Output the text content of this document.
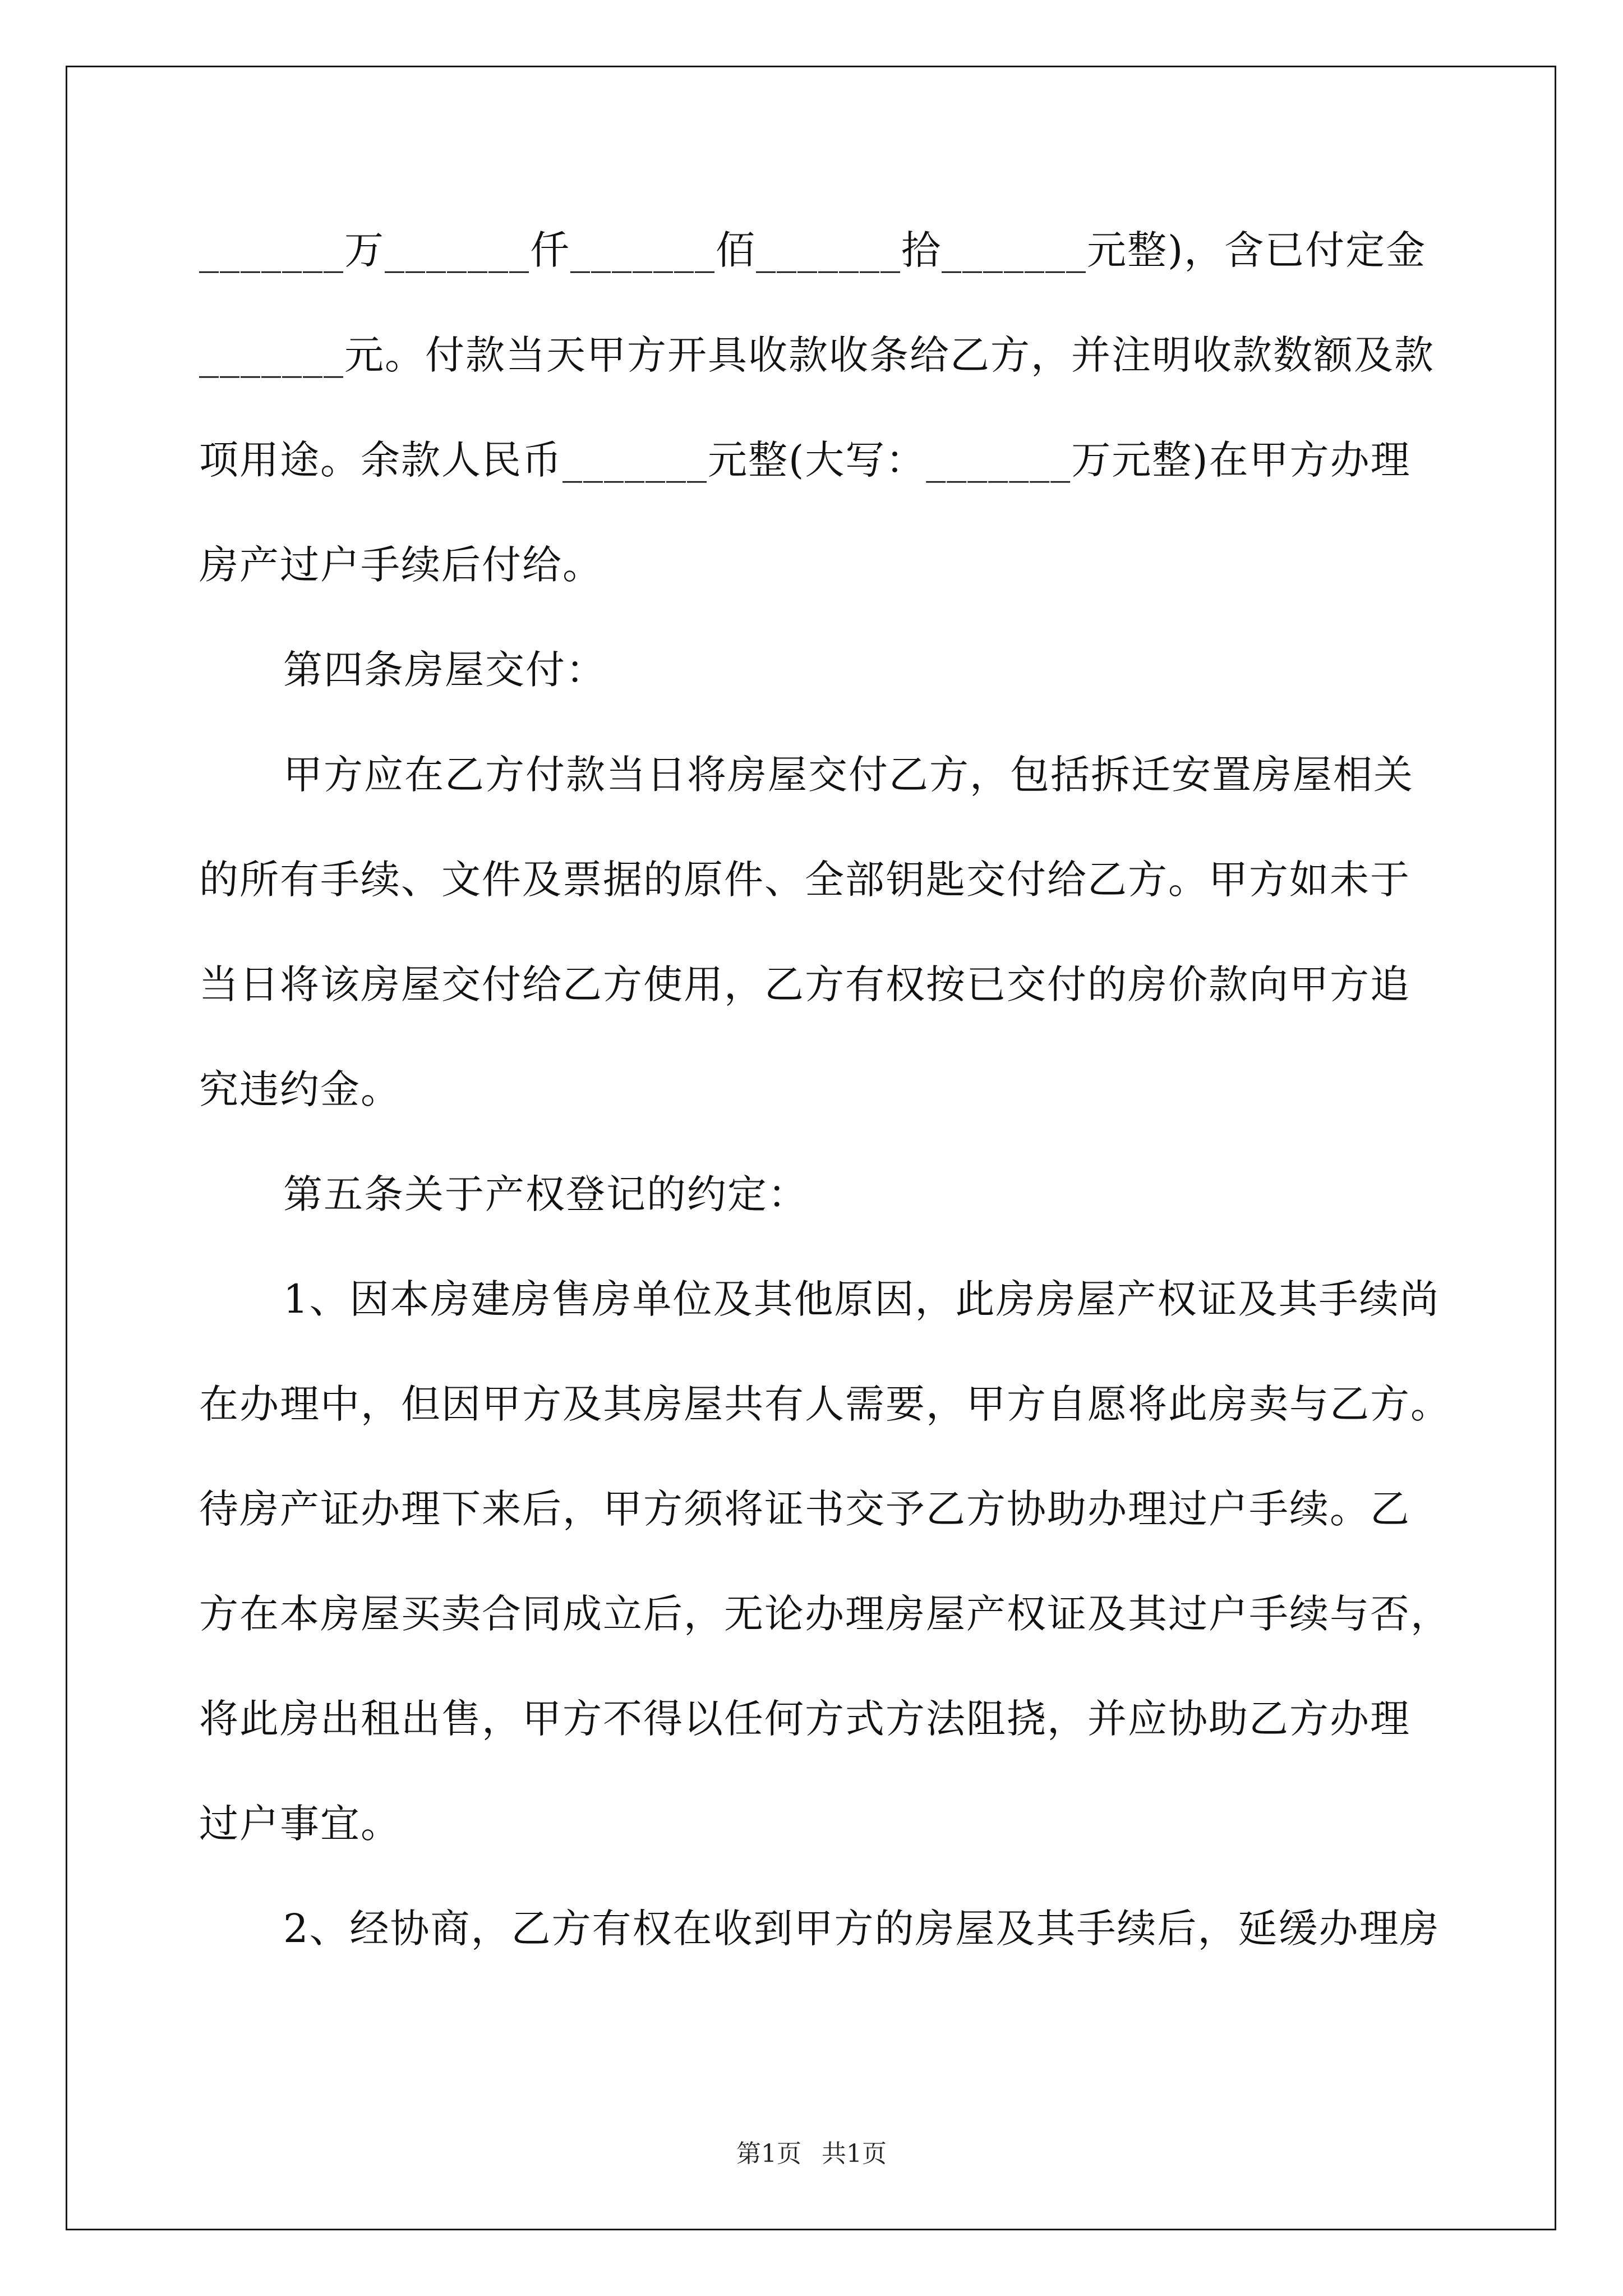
_______万_______仟_______佰_______拾_______元整)，含已付定金
_______元。付款当天甲方开具收款收条给乙方，并注明收款数额及款
项用途。余款人民币_______元整(大写：_______万元整)在甲方办理
房产过户手续后付给。
第四条房屋交付：
甲方应在乙方付款当日将房屋交付乙方，包括拆迁安置房屋相关
的所有手续、文件及票据的原件、全部钥匙交付给乙方。甲方如未于
当日将该房屋交付给乙方使用，乙方有权按已交付的房价款向甲方追
究违约金。
第五条关于产权登记的约定：
1、因本房建房售房单位及其他原因，此房房屋产权证及其手续尚
在办理中，但因甲方及其房屋共有人需要，甲方自愿将此房卖与乙方。
待房产证办理下来后，甲方须将证书交予乙方协助办理过户手续。乙
方在本房屋买卖合同成立后，无论办理房屋产权证及其过户手续与否，
将此房出租出售，甲方不得以任何方式方法阻挠，并应协助乙方办理
过户事宜。
2、经协商，乙方有权在收到甲方的房屋及其手续后，延缓办理房
第1页 共1页
